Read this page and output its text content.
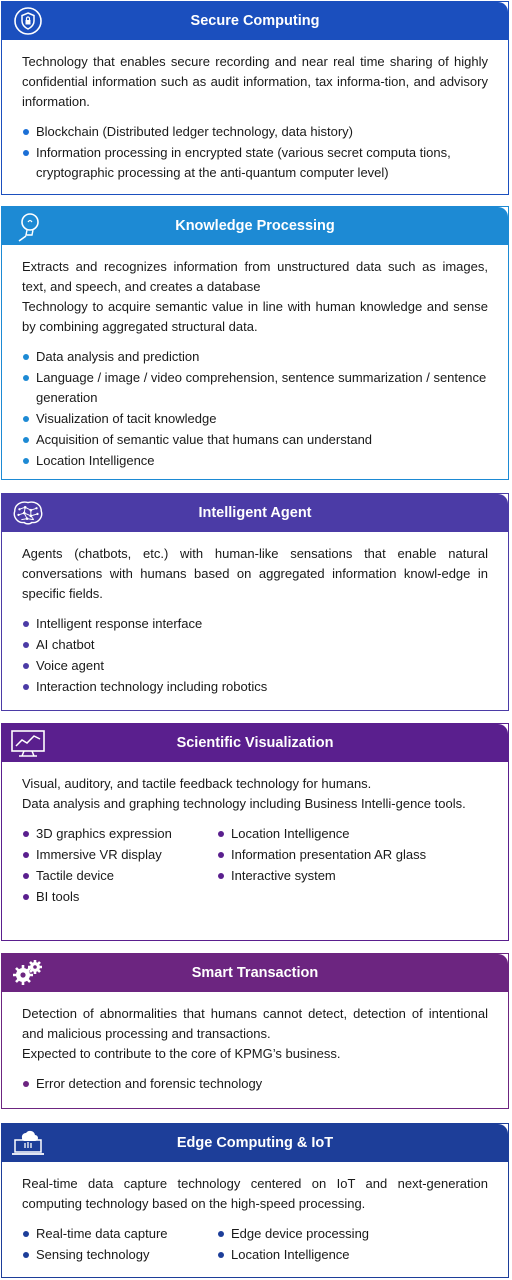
Secure Computing

Technology that enables secure recording and near real time sharing of highly confidential information such as audit information, tax informa-tion, and advisory information.

Blockchain (Distributed ledger technology, data history)
Information processing in encrypted state (various secret computa tions, cryptographic processing at the anti-quantum computer level)
Knowledge Processing

Extracts and recognizes information from unstructured data such as images, text, and speech, and creates a database
Technology to acquire semantic value in line with human knowledge and sense by combining aggregated structural data.

Data analysis and prediction
Language / image / video comprehension, sentence summarization / sentence generation
Visualization of tacit knowledge
Acquisition of semantic value that humans can understand
Location Intelligence
Intelligent Agent

Agents (chatbots, etc.) with human-like sensations that enable natural conversations with humans based on aggregated information knowl-edge in specific fields.

Intelligent response interface
AI chatbot
Voice agent
Interaction technology including robotics
Scientific Visualization

Visual, auditory, and tactile feedback technology for humans.
Data analysis and graphing technology including Business Intelli-gence tools.

3D graphics expression
Immersive VR display
Tactile device
BI tools
Location Intelligence
Information presentation AR glass
Interactive system
Smart Transaction

Detection of abnormalities that humans cannot detect, detection of intentional and malicious processing and transactions.
Expected to contribute to the core of KPMG’s business.

Error detection and forensic technology
Edge Computing & IoT

Real-time data capture technology centered on IoT and next-generation computing technology based on the high-speed processing.

Real-time data capture
Sensing technology
Edge device processing
Location Intelligence
